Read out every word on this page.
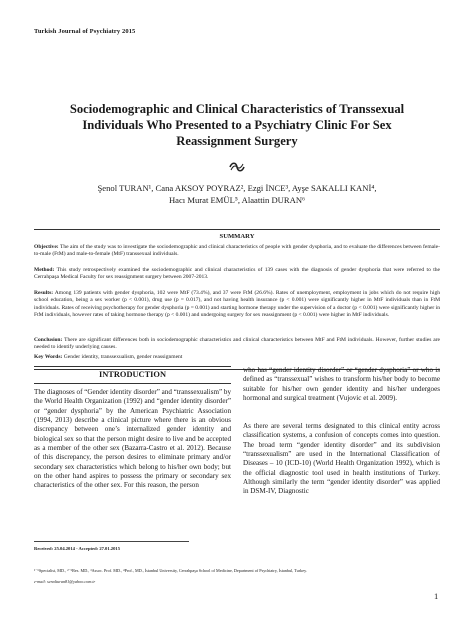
Turkish Journal of Psychiatry 2015
Sociodemographic and Clinical Characteristics of Transsexual
Individuals Who Presented to a Psychiatry Clinic For Sex
Reassignment Surgery
Şenol TURAN¹, Cana AKSOY POYRAZ², Ezgi İNCE³, Ayşe SAKALLI KANİ⁴,
Hacı Murat EMÜL⁵, Alaattin DURAN⁶
SUMMARY

Objective: The aim of the study was to investigate the sociodemographic and clinical characteristics of people with gender dysphoria, and to evaluate the differences between female-to-male (FtM) and male-to-female (MtF) transsexual individuals.

Method: This study retrospectively examined the sociodemographic and clinical characteristics of 139 cases with the diagnosis of gender dysphoria that were referred to the Cerrahpaşa Medical Faculty for sex reassignment surgery between 2007-2013.

Results: Among 139 patients with gender dysphoria, 102 were MtF (73.4%), and 37 were FtM (26.6%). Rates of unemployment, employment in jobs which do not require high school education, being a sex worker (p < 0.001), drug use (p = 0.017), and not having health insurance (p < 0.001) were significantly higher in MtF individuals than in FtM individuals. Rates of receiving psychotherapy for gender dysphoria (p = 0.001) and starting hormone therapy under the supervision of a doctor (p < 0.001) were significantly higher in FtM individuals, however rates of taking hormone therapy (p < 0.001) and undergoing surgery for sex reassignment (p < 0.001) were higher in MtF individuals.

Conclusion: There are significant differences both in sociodemographic characteristics and clinical characteristics between MtF and FtM individuals. However, further studies are needed to identify underlying causes.

Key Words: Gender identity, transsexualism, gender reassignment

INTRODUCTION

The diagnoses of “Gender identity disorder” and “transsexualism” by the World Health Organization (1992) and “gender identity disorder” or “gender dysphoria” by the American Psychiatric Association (1994, 2013) describe a clinical picture where there is an obvious discrepancy between one’s internalized gender identity and biological sex so that the person might desire to live and be accepted as a member of the other sex (Bazarra-Castro et al. 2012). Because of this discrepancy, the person desires to eliminate primary and/or secondary sex characteristics which belong to his/her own body; but on the other hand aspires to possess the primary or secondary sex characteristics of the other sex. For this reason, the person

who has “gender identity disorder” or “gender dysphoria” or who is defined as “transsexual” wishes to transform his/her body to become suitable for his/her own gender identity and his/her undergoes hormonal and surgical treatment (Vujovic et al. 2009).

As there are several terms designated to this clinical entity across classification systems, a confusion of concepts comes into question. The broad term “gender identity disorder” and its subdivision “transsexualism” are used in the International Classification of Diseases – 10 (ICD-10) (World Health Organization 1992), which is the official diagnostic tool used in health institutions of Turkey. Although similarly the term “gender identity disorder” was applied in DSM-IV, Diagnostic

Received: 25.04.2014 - Accepted: 27.01.2015

¹⁻⁶Specialist, MD., ²⁻⁶Res. MD., ³Assoc. Prof. MD., ⁴Prof., MD., İstanbul University, Cerrahpaşa School of Medicine, Department of Psychiatry, İstanbul, Turkey.

e-mail: senolturan81@yahoo.com.tr
1
